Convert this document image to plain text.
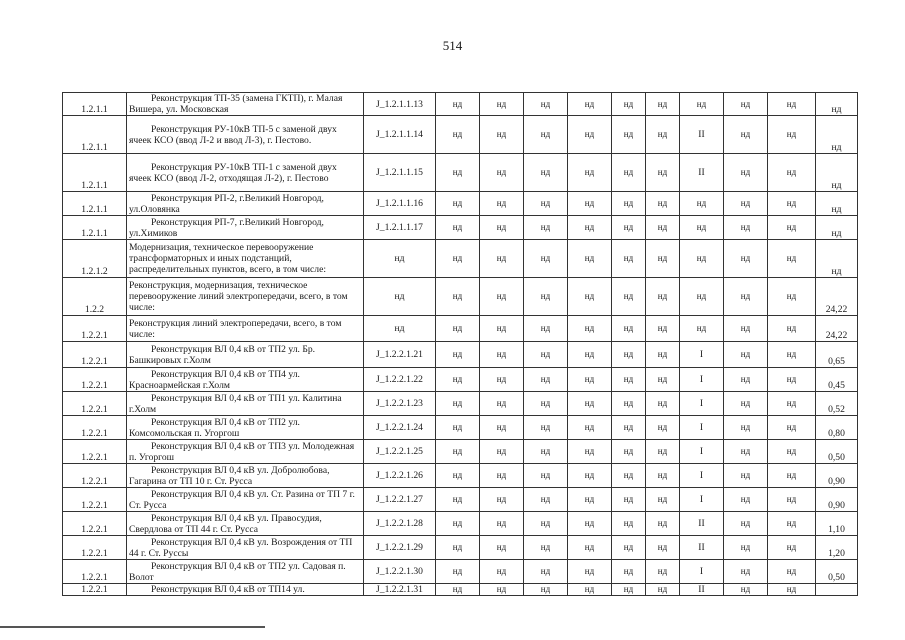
514
1.2.1.1	Реконструкция ТП-35 (замена ГКТП), г. Малая Вишера, ул. Московская	J_1.2.1.1.13	нд	нд	нд	нд	нд	нд	нд	нд	нд	нд
1.2.1.1	Реконструкция РУ-10кВ ТП-5 с заменой двух ячеек КСО (ввод Л-2 и ввод Л-3), г. Пестово.	J_1.2.1.1.14	нд	нд	нд	нд	нд	нд	II	нд	нд	нд
1.2.1.1	Реконструкция РУ-10кВ ТП-1 с заменой двух ячеек КСО (ввод Л-2, отходящая Л-2), г. Пестово	J_1.2.1.1.15	нд	нд	нд	нд	нд	нд	II	нд	нд	нд
1.2.1.1	Реконструкция РП-2, г.Великий Новгород, ул.Оловянка	J_1.2.1.1.16	нд	нд	нд	нд	нд	нд	нд	нд	нд	нд
1.2.1.1	Реконструкция РП-7, г.Великий Новгород, ул.Химиков	J_1.2.1.1.17	нд	нд	нд	нд	нд	нд	нд	нд	нд	нд
1.2.1.2	Модернизация, техническое перевооружение трансформаторных и иных подстанций, распределительных пунктов, всего, в том числе:	нд	нд	нд	нд	нд	нд	нд	нд	нд	нд	нд
1.2.2	Реконструкция, модернизация, техническое перевооружение линий электропередачи, всего, в том числе:	нд	нд	нд	нд	нд	нд	нд	нд	нд	нд	24,22
1.2.2.1	Реконструкция линий электропередачи, всего, в том числе:	нд	нд	нд	нд	нд	нд	нд	нд	нд	нд	24,22
1.2.2.1	Реконструкция ВЛ 0,4 кВ от ТП2 ул. Бр. Башкировых г.Холм	J_1.2.2.1.21	нд	нд	нд	нд	нд	нд	I	нд	нд	0,65
1.2.2.1	Реконструкция ВЛ 0,4 кВ от ТП4 ул. Красноармейская г.Холм	J_1.2.2.1.22	нд	нд	нд	нд	нд	нд	I	нд	нд	0,45
1.2.2.1	Реконструкция ВЛ 0,4 кВ от ТП1 ул. Калитина г.Холм	J_1.2.2.1.23	нд	нд	нд	нд	нд	нд	I	нд	нд	0,52
1.2.2.1	Реконструкция ВЛ 0,4 кВ от ТП2 ул. Комсомольская п. Угоргош	J_1.2.2.1.24	нд	нд	нд	нд	нд	нд	I	нд	нд	0,80
1.2.2.1	Реконструкция ВЛ 0,4 кВ от ТП3 ул. Молодежная п. Угоргош	J_1.2.2.1.25	нд	нд	нд	нд	нд	нд	I	нд	нд	0,50
1.2.2.1	Реконструкция ВЛ 0,4 кВ ул. Добролюбова, Гагарина от ТП 10 г. Ст. Русса	J_1.2.2.1.26	нд	нд	нд	нд	нд	нд	I	нд	нд	0,90
1.2.2.1	Реконструкция ВЛ 0,4 кВ ул. Ст. Разина от ТП 7 г. Ст. Русса	J_1.2.2.1.27	нд	нд	нд	нд	нд	нд	I	нд	нд	0,90
1.2.2.1	Реконструкция ВЛ 0,4 кВ ул. Правосудия, Свердлова от ТП 44 г. Ст. Русса	J_1.2.2.1.28	нд	нд	нд	нд	нд	нд	II	нд	нд	1,10
1.2.2.1	Реконструкция ВЛ 0,4 кВ ул. Возрождения от ТП 44 г. Ст. Руссы	J_1.2.2.1.29	нд	нд	нд	нд	нд	нд	II	нд	нд	1,20
1.2.2.1	Реконструкция ВЛ 0,4 кВ от ТП2 ул. Садовая п. Волот	J_1.2.2.1.30	нд	нд	нд	нд	нд	нд	I	нд	нд	0,50
1.2.2.1	Реконструкция ВЛ 0,4 кВ от ТП14 ул.	J_1.2.2.1.31	нд	нд	нд	нд	нд	нд	II	нд	нд	
